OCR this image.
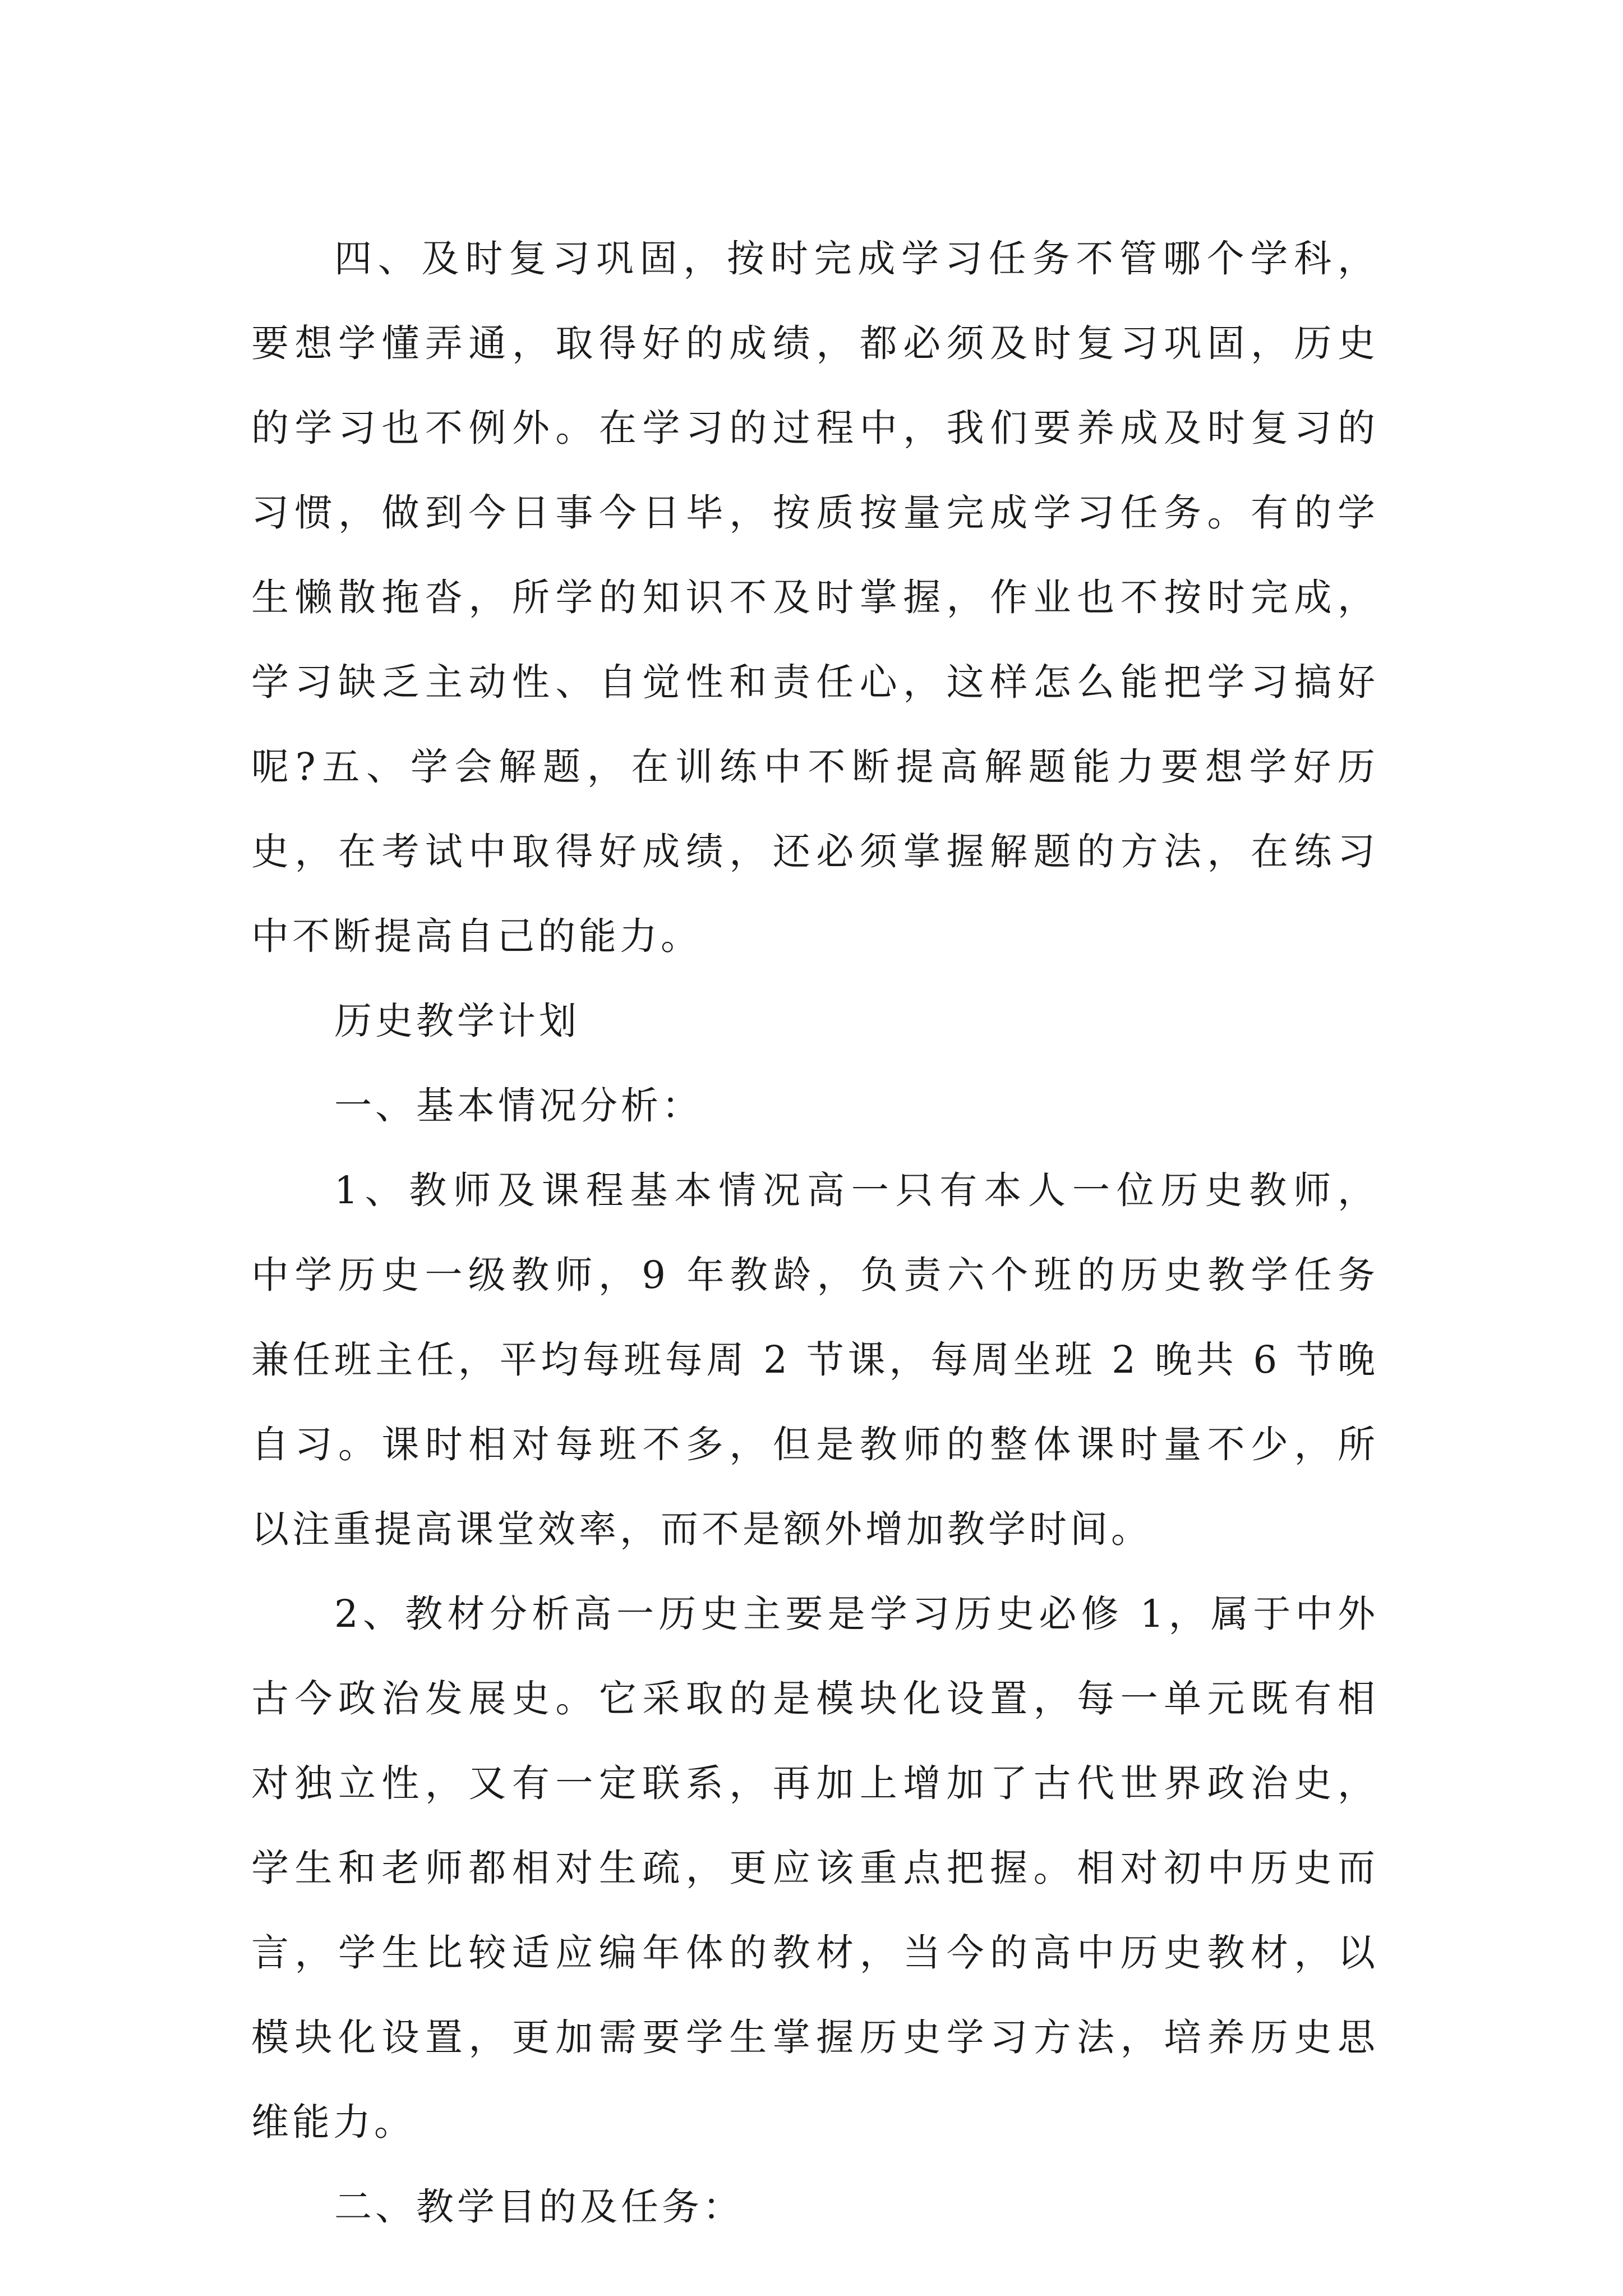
四、及时复习巩固，按时完成学习任务不管哪个学科，
要想学懂弄通，取得好的成绩，都必须及时复习巩固，历史
的学习也不例外。在学习的过程中，我们要养成及时复习的
习惯，做到今日事今日毕，按质按量完成学习任务。有的学
生懒散拖沓，所学的知识不及时掌握，作业也不按时完成，
学习缺乏主动性、自觉性和责任心，这样怎么能把学习搞好
呢?五、学会解题，在训练中不断提高解题能力要想学好历
史，在考试中取得好成绩，还必须掌握解题的方法，在练习
中不断提高自己的能力。
历史教学计划
一、基本情况分析：
1、教师及课程基本情况高一只有本人一位历史教师，
中学历史一级教师，9 年教龄，负责六个班的历史教学任务
兼任班主任，平均每班每周 2 节课，每周坐班 2 晚共 6 节晚
自习。课时相对每班不多，但是教师的整体课时量不少，所
以注重提高课堂效率，而不是额外增加教学时间。
2、教材分析高一历史主要是学习历史必修 1，属于中外
古今政治发展史。它采取的是模块化设置，每一单元既有相
对独立性，又有一定联系，再加上增加了古代世界政治史，
学生和老师都相对生疏，更应该重点把握。相对初中历史而
言，学生比较适应编年体的教材，当今的高中历史教材，以
模块化设置，更加需要学生掌握历史学习方法，培养历史思
维能力。
二、教学目的及任务：
